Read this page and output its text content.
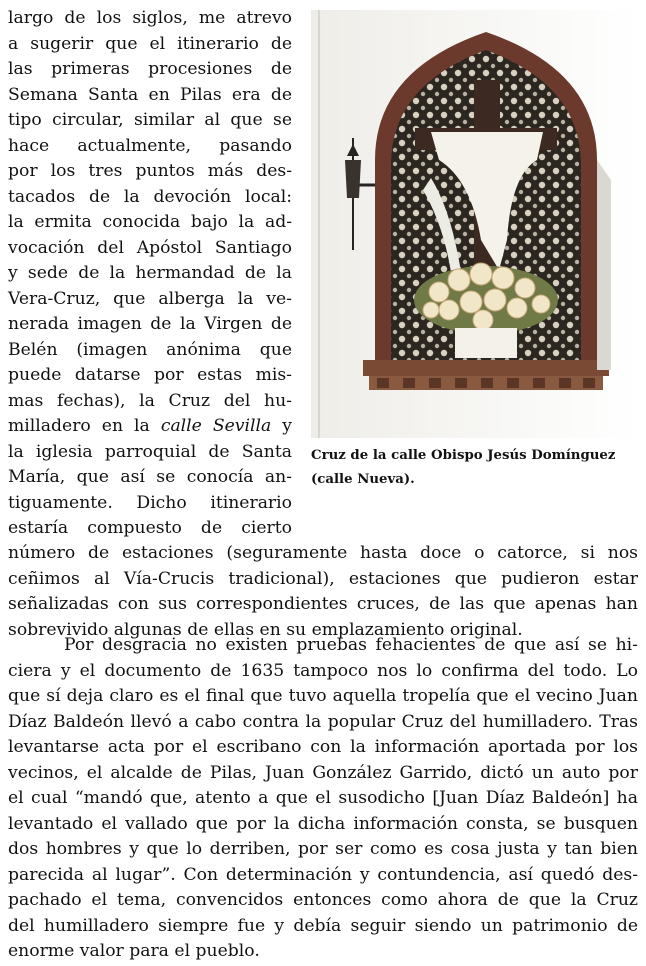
largo de los siglos, me atrevo
a sugerir que el itinerario de
las primeras procesiones de
Semana Santa en Pilas era de
tipo circular, similar al que se
hace actualmente, pasando
por los tres puntos más des-
tacados de la devoción local:
la ermita conocida bajo la ad-
vocación del Apóstol Santiago
y sede de la hermandad de la
Vera-Cruz, que alberga la ve-
nerada imagen de la Virgen de
Belén (imagen anónima que
puede datarse por estas mis-
mas fechas), la Cruz del hu-
milladero en la calle Sevilla y
la iglesia parroquial de Santa
María, que así se conocía an-
tiguamente. Dicho itinerario
estaría compuesto de cierto
Cruz de la calle Obispo Jesús Domínguez
(calle Nueva).
número de estaciones (seguramente hasta doce o catorce, si nos
ceñimos al Vía-Crucis tradicional), estaciones que pudieron estar
señalizadas con sus correspondientes cruces, de las que apenas han
sobrevivido algunas de ellas en su emplazamiento original.
Por desgracia no existen pruebas fehacientes de que así se hi-
ciera y el documento de 1635 tampoco nos lo confirma del todo. Lo
que sí deja claro es el final que tuvo aquella tropelía que el vecino Juan
Díaz Baldeón llevó a cabo contra la popular Cruz del humilladero. Tras
levantarse acta por el escribano con la información aportada por los
vecinos, el alcalde de Pilas, Juan González Garrido, dictó un auto por
el cual “mandó que, atento a que el susodicho [Juan Díaz Baldeón] ha
levantado el vallado que por la dicha información consta, se busquen
dos hombres y que lo derriben, por ser como es cosa justa y tan bien
parecida al lugar”. Con determinación y contundencia, así quedó des-
pachado el tema, convencidos entonces como ahora de que la Cruz
del humilladero siempre fue y debía seguir siendo un patrimonio de
enorme valor para el pueblo.
